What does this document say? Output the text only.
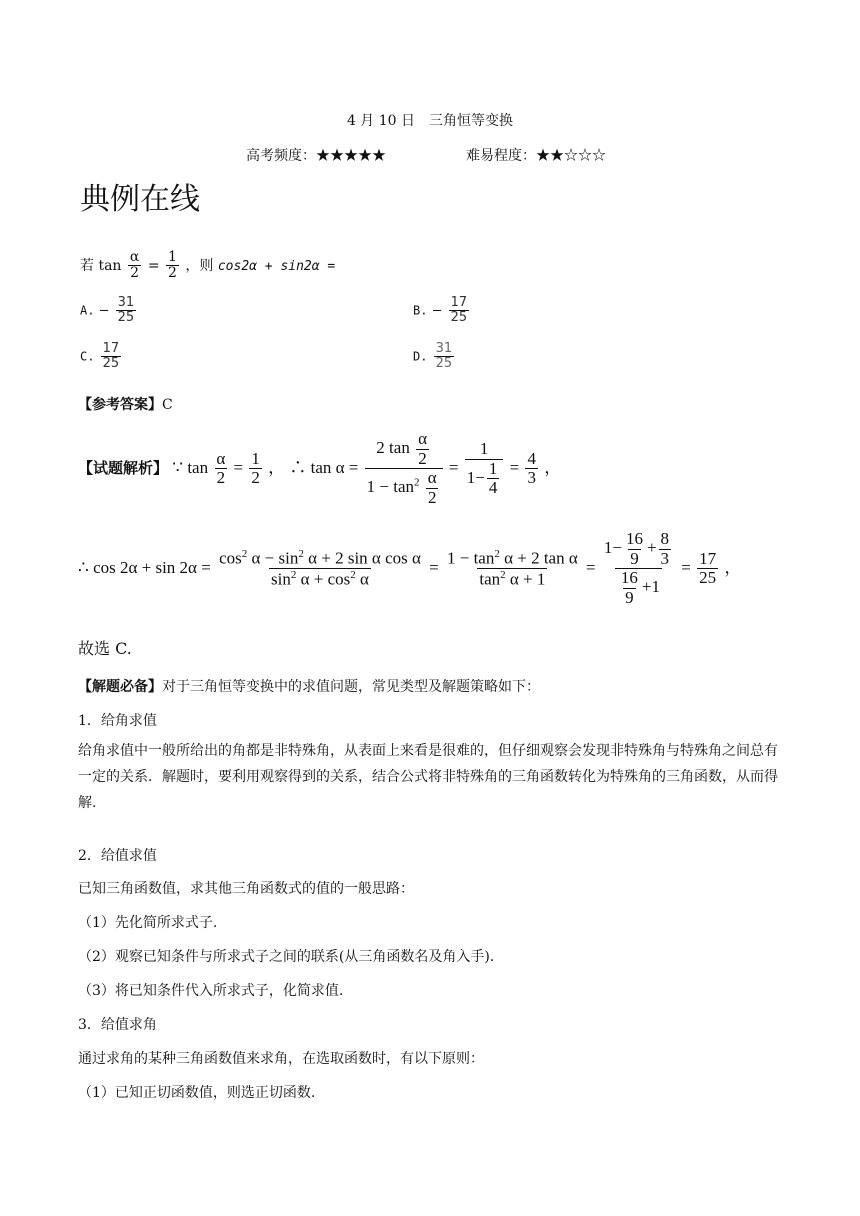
4 月 10 日　三角恒等变换
高考频度：★★★★★	难易程度：★★☆☆☆
典例在线
若 $\tan \frac{\alpha}{2} = \frac{1}{2}$ ，则 cos2α + sin2α =
A. − $\frac{31}{25}$	B. − $\frac{17}{25}$
C. $\frac{17}{25}$	D. $\frac{31}{25}$
【参考答案】C
【试题解析】 ∵ $\tan \frac{\alpha}{2} = \frac{1}{2}$ ， ∴ $\tan \alpha = \frac{2 \tan \frac{\alpha}{2}}{1 - \tan^2 \frac{\alpha}{2}} = \frac{1}{1- \frac{1}{4}} = \frac{4}{3}$ ，
∴ $\cos 2\alpha + \sin 2\alpha = \frac{\cos^2 \alpha - \sin^2 \alpha + 2 \sin \alpha \cos \alpha}{\sin^2 \alpha + \cos^2 \alpha} = \frac{1 - \tan^2 \alpha + 2 \tan \alpha}{\tan^2 \alpha + 1} = \frac{1- \frac{16}{9} + \frac{8}{3}}{\frac{16}{9} +1} = \frac{17}{25}$ ，
故选 C.
【解题必备】对于三角恒等变换中的求值问题，常见类型及解题策略如下：
1．给角求值
给角求值中一般所给出的角都是非特殊角，从表面上来看是很难的，但仔细观察会发现非特殊角与特殊角之间总有一定的关系．解题时，要利用观察得到的关系，结合公式将非特殊角的三角函数转化为特殊角的三角函数，从而得解.
2．给值求值
已知三角函数值，求其他三角函数式的值的一般思路：
（1）先化简所求式子.
（2）观察已知条件与所求式子之间的联系(从三角函数名及角入手)．
（3）将已知条件代入所求式子，化简求值.
3．给值求角
通过求角的某种三角函数值来求角，在选取函数时，有以下原则：
（1）已知正切函数值，则选正切函数.
